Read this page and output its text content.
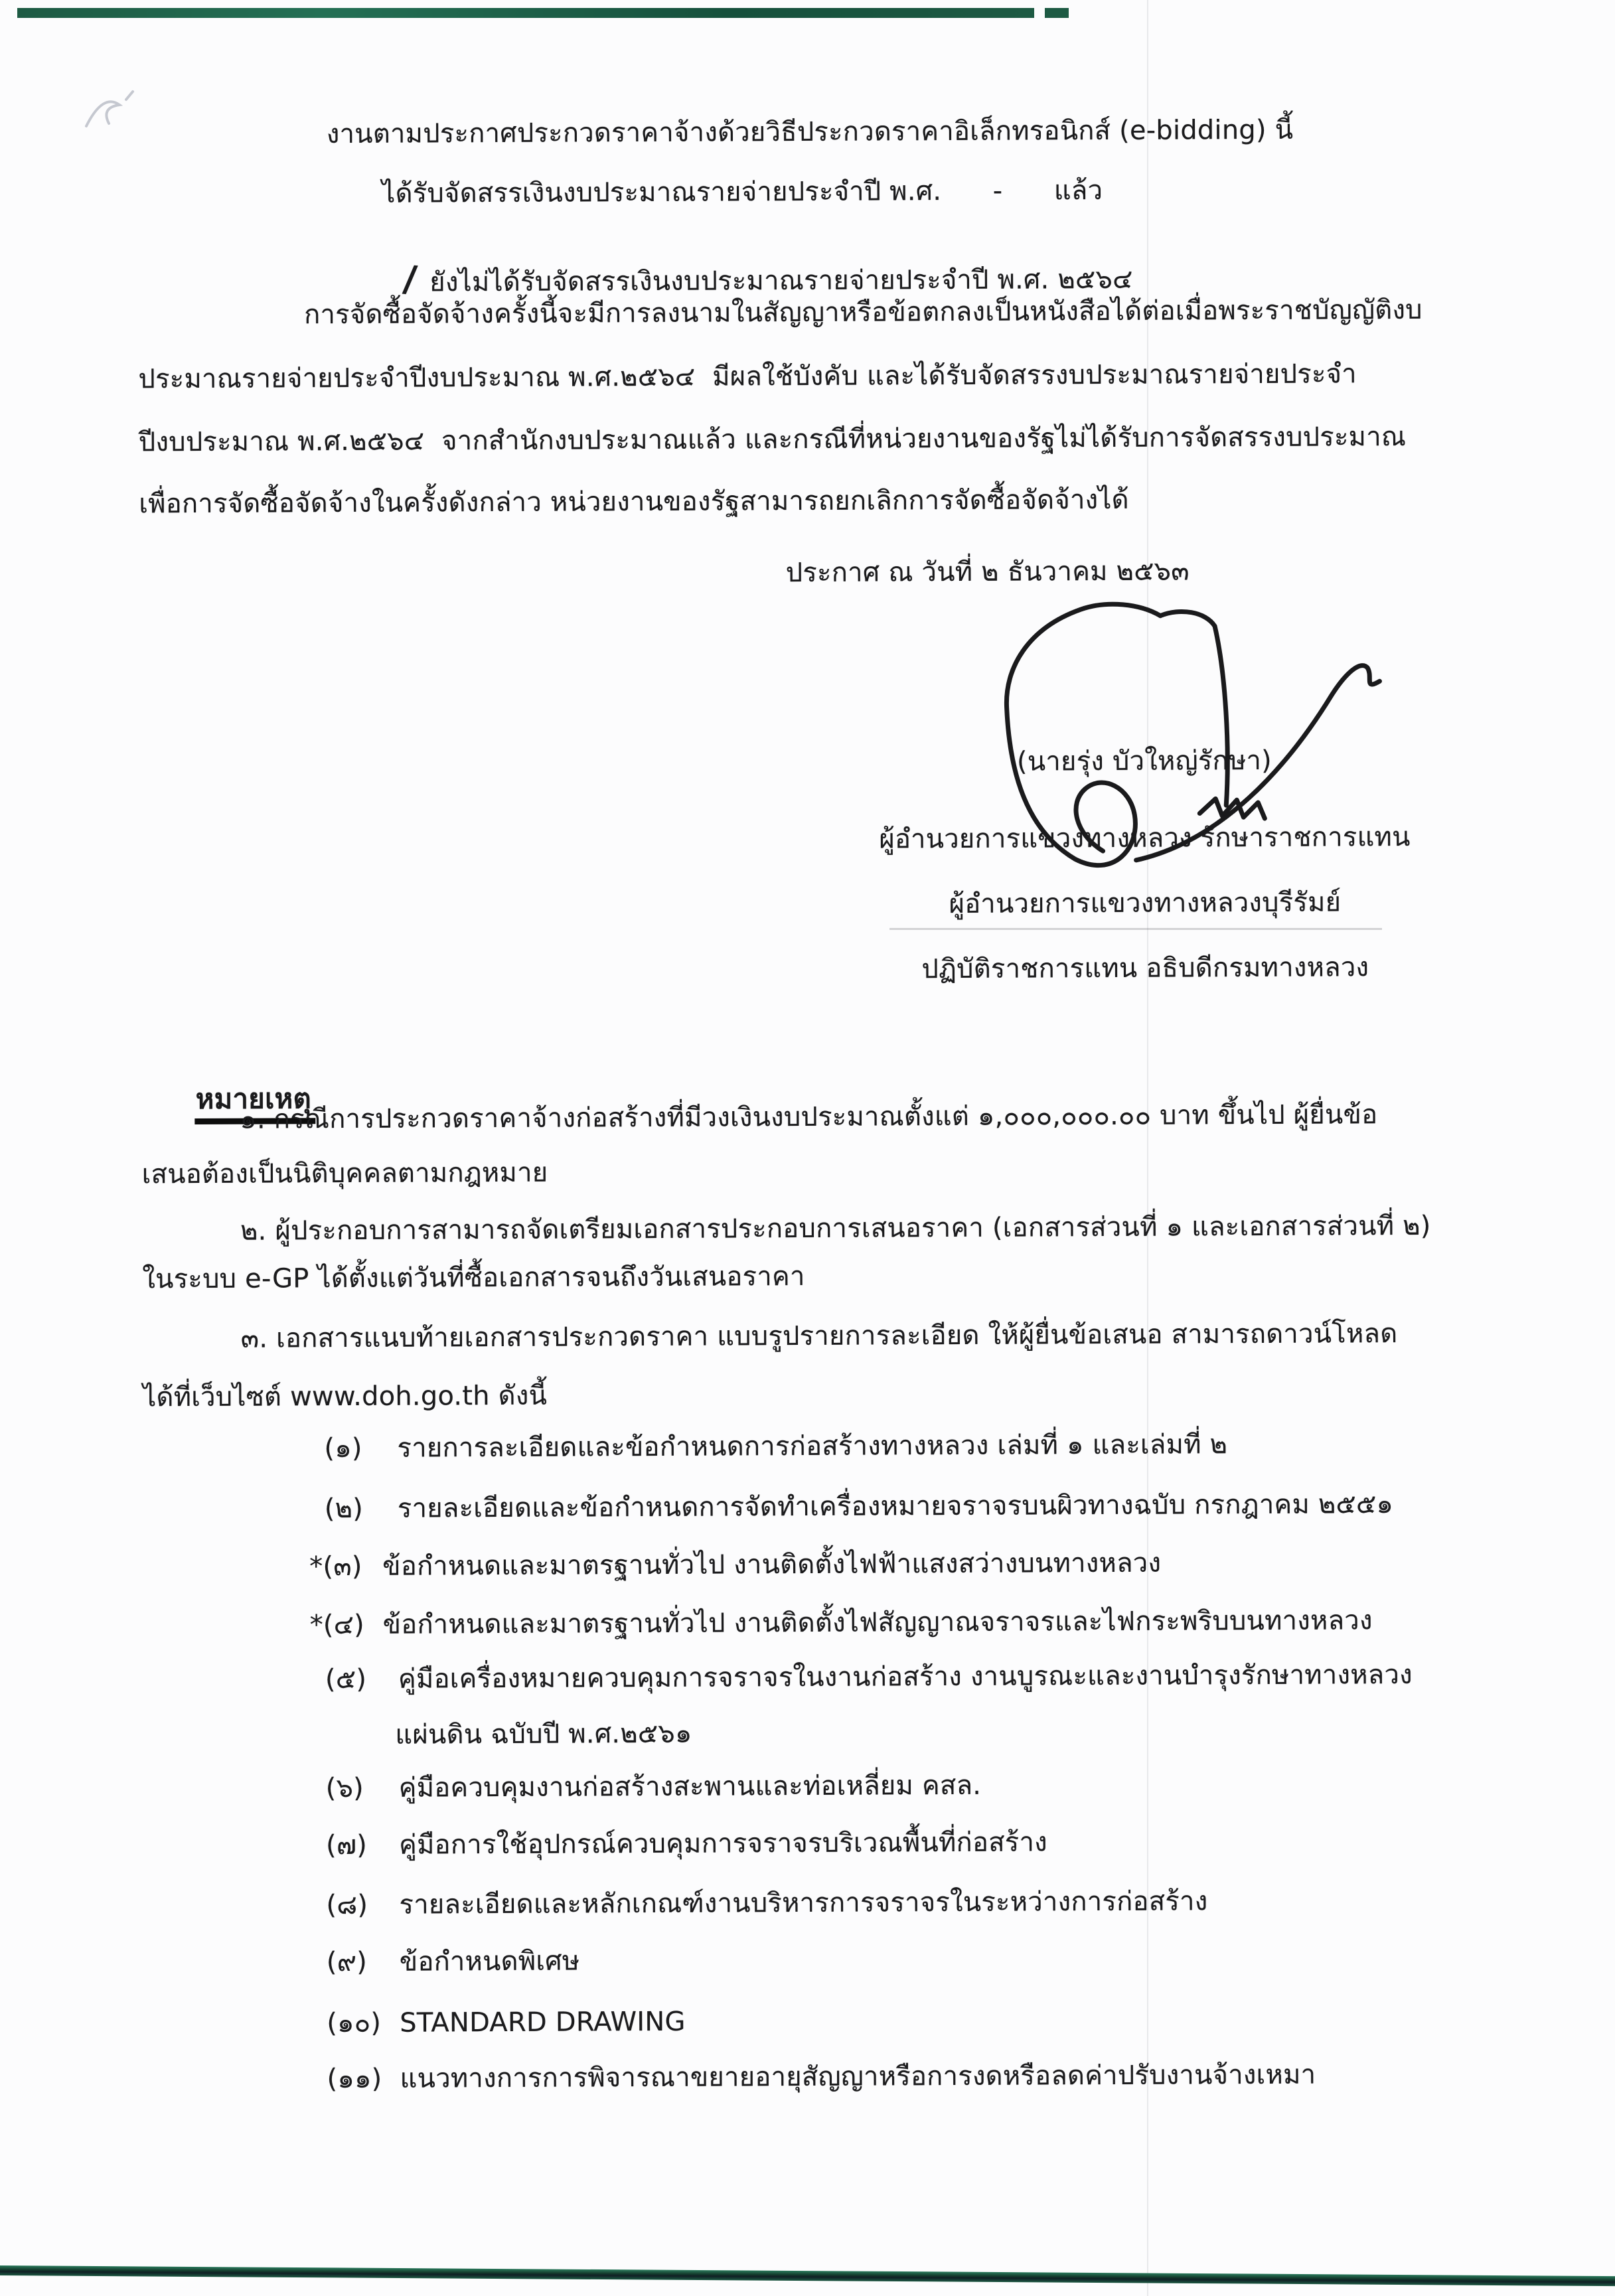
งานตามประกาศประกวดราคาจ้างด้วยวิธีประกวดราคาอิเล็กทรอนิกส์ (e-bidding) นี้
ได้รับจัดสรรเงินงบประมาณรายจ่ายประจำปี พ.ศ.      -      แล้ว

/ ยังไม่ได้รับจัดสรรเงินงบประมาณรายจ่ายประจำปี พ.ศ. ๒๕๖๔

การจัดซื้อจัดจ้างครั้งนี้จะมีการลงนามในสัญญาหรือข้อตกลงเป็นหนังสือได้ต่อเมื่อพระราชบัญญัติงบ
ประมาณรายจ่ายประจำปีงบประมาณ พ.ศ.๒๕๖๔  มีผลใช้บังคับ และได้รับจัดสรรงบประมาณรายจ่ายประจำ
ปีงบประมาณ พ.ศ.๒๕๖๔  จากสำนักงบประมาณแล้ว และกรณีที่หน่วยงานของรัฐไม่ได้รับการจัดสรรงบประมาณ
เพื่อการจัดซื้อจัดจ้างในครั้งดังกล่าว หน่วยงานของรัฐสามารถยกเลิกการจัดซื้อจัดจ้างได้
ประกาศ ณ วันที่ ๒ ธันวาคม ๒๕๖๓
(นายรุ่ง บัวใหญ่รักษา)
ผู้อำนวยการแขวงทางหลวง รักษาราชการแทน
ผู้อำนวยการแขวงทางหลวงบุรีรัมย์
ปฏิบัติราชการแทน อธิบดีกรมทางหลวง

หมายเหตุ

๑. กรณีการประกวดราคาจ้างก่อสร้างที่มีวงเงินงบประมาณตั้งแต่ ๑,๐๐๐,๐๐๐.๐๐ บาท ขึ้นไป ผู้ยื่นข้อ
เสนอต้องเป็นนิติบุคคลตามกฎหมาย
๒. ผู้ประกอบการสามารถจัดเตรียมเอกสารประกอบการเสนอราคา (เอกสารส่วนที่ ๑ และเอกสารส่วนที่ ๒)
ในระบบ e-GP ได้ตั้งแต่วันที่ซื้อเอกสารจนถึงวันเสนอราคา
๓. เอกสารแนบท้ายเอกสารประกวดราคา แบบรูปรายการละเอียด ให้ผู้ยื่นข้อเสนอ สามารถดาวน์โหลด
ได้ที่เว็บไซต์ www.doh.go.th ดังนี้
(๑) รายการละเอียดและข้อกำหนดการก่อสร้างทางหลวง เล่มที่ ๑ และเล่มที่ ๒
(๒) รายละเอียดและข้อกำหนดการจัดทำเครื่องหมายจราจรบนผิวทางฉบับ กรกฎาคม ๒๕๕๑
*(๓) ข้อกำหนดและมาตรฐานทั่วไป งานติดตั้งไฟฟ้าแสงสว่างบนทางหลวง
*(๔) ข้อกำหนดและมาตรฐานทั่วไป งานติดตั้งไฟสัญญาณจราจรและไฟกระพริบบนทางหลวง
(๕) คู่มือเครื่องหมายควบคุมการจราจรในงานก่อสร้าง งานบูรณะและงานบำรุงรักษาทางหลวง
แผ่นดิน ฉบับปี พ.ศ.๒๕๖๑
(๖) คู่มือควบคุมงานก่อสร้างสะพานและท่อเหลี่ยม คสล.
(๗) คู่มือการใช้อุปกรณ์ควบคุมการจราจรบริเวณพื้นที่ก่อสร้าง
(๘) รายละเอียดและหลักเกณฑ์งานบริหารการจราจรในระหว่างการก่อสร้าง
(๙) ข้อกำหนดพิเศษ
(๑๐) STANDARD DRAWING
(๑๑) แนวทางการการพิจารณาขยายอายุสัญญาหรือการงดหรือลดค่าปรับงานจ้างเหมา
